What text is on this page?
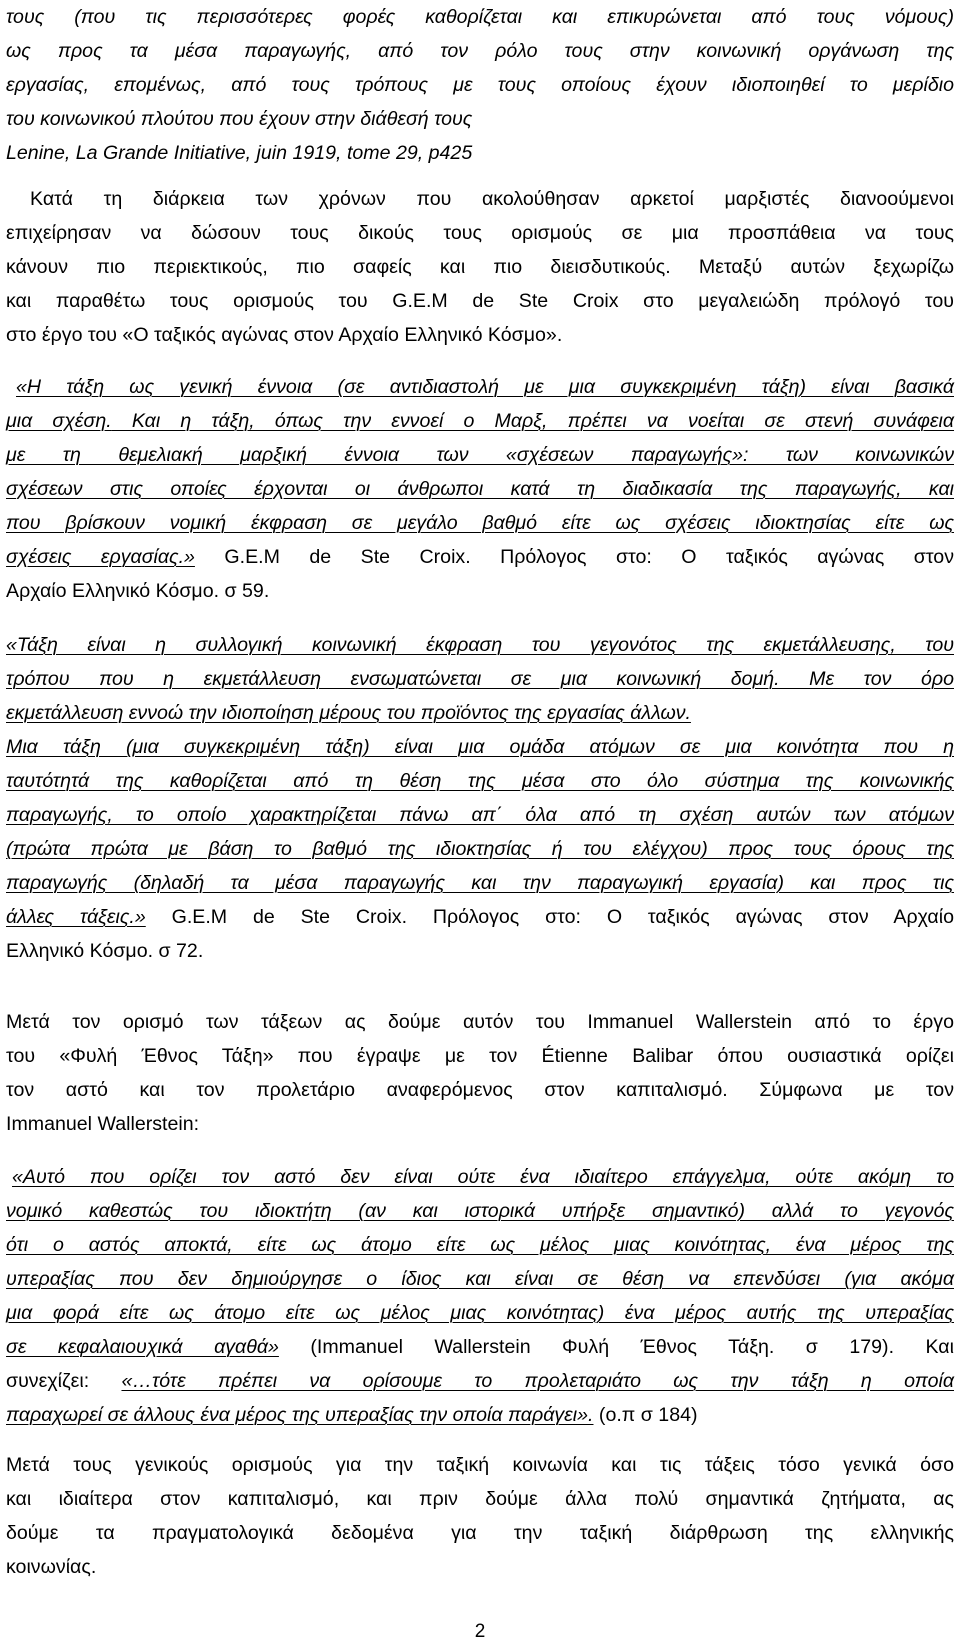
τους (που τις περισσότερες φορές καθορίζεται και επικυρώνεται από τους νόμους)
ως προς τα μέσα παραγωγής, από τον ρόλο τους στην κοινωνική οργάνωση της
εργασίας, επομένως, από τους τρόπους με τους οποίους έχουν ιδιοποιηθεί το μερίδιο
του κοινωνικού πλούτου που έχουν στην διάθεσή τους
Lenine, La Grande Initiative, juin 1919, tome 29, p425
Κατά τη διάρκεια των χρόνων που ακολούθησαν αρκετοί μαρξιστές διανοούμενοι
επιχείρησαν να δώσουν τους δικούς τους ορισμούς σε μια προσπάθεια να τους
κάνουν πιο περιεκτικούς, πιο σαφείς και πιο διεισδυτικούς. Μεταξύ αυτών ξεχωρίζω
και παραθέτω τους ορισμούς του G.E.M de Ste Croix στο μεγαλειώδη πρόλογό του
στο έργο του «Ο ταξικός αγώνας στον Αρχαίο Ελληνικό Κόσμο».
«Η τάξη ως γενική έννοια (σε αντιδιαστολή με μια συγκεκριμένη τάξη) είναι βασικά
μια σχέση. Και η τάξη, όπως την εννοεί ο Μαρξ, πρέπει να νοείται σε στενή συνάφεια
με τη θεμελιακή μαρξική έννοια των «σχέσεων παραγωγής»: των κοινωνικών
σχέσεων στις οποίες έρχονται οι άνθρωποι κατά τη διαδικασία της παραγωγής, και
που βρίσκουν νομική έκφραση σε μεγάλο βαθμό είτε ως σχέσεις ιδιοκτησίας είτε ως
σχέσεις εργασίας.» G.E.M de Ste Croix. Πρόλογος στο: Ο ταξικός αγώνας στον
Αρχαίο Ελληνικό Κόσμο. σ 59.
«Τάξη είναι η συλλογική κοινωνική έκφραση του γεγονότος της εκμετάλλευσης, του
τρόπου που η εκμετάλλευση ενσωματώνεται σε μια κοινωνική δομή. Με τον όρο
εκμετάλλευση εννοώ την ιδιοποίηση μέρους του προϊόντος της εργασίας άλλων.
Μια τάξη (μια συγκεκριμένη τάξη) είναι μια ομάδα ατόμων σε μια κοινότητα που η
ταυτότητά της καθορίζεται από τη θέση της μέσα στο όλο σύστημα της κοινωνικής
παραγωγής, το οποίο χαρακτηρίζεται πάνω απ΄ όλα από τη σχέση αυτών των ατόμων
(πρώτα πρώτα με βάση το βαθμό της ιδιοκτησίας ή του ελέγχου) προς τους όρους της
παραγωγής (δηλαδή τα μέσα παραγωγής και την παραγωγική εργασία) και προς τις
άλλες τάξεις.» G.E.M de Ste Croix. Πρόλογος στο: Ο ταξικός αγώνας στον Αρχαίο
Ελληνικό Κόσμο. σ 72.
Μετά τον ορισμό των τάξεων ας δούμε αυτόν του Immanuel Wallerstein από το έργο
του «Φυλή Έθνος Τάξη» που έγραψε με τον Étienne Balibar όπου ουσιαστικά ορίζει
τον αστό και τον προλετάριο αναφερόμενος στον καπιταλισμό. Σύμφωνα με τον
Immanuel Wallerstein:
«Αυτό που ορίζει τον αστό δεν είναι ούτε ένα ιδιαίτερο επάγγελμα, ούτε ακόμη το
νομικό καθεστώς του ιδιοκτήτη (αν και ιστορικά υπήρξε σημαντικό) αλλά το γεγονός
ότι ο αστός αποκτά, είτε ως άτομο είτε ως μέλος μιας κοινότητας, ένα μέρος της
υπεραξίας που δεν δημιούργησε ο ίδιος και είναι σε θέση να επενδύσει (για ακόμα
μια φορά είτε ως άτομο είτε ως μέλος μιας κοινότητας) ένα μέρος αυτής της υπεραξίας
σε κεφαλαιουχικά αγαθά» (Immanuel Wallerstein Φυλή Έθνος Τάξη. σ 179). Και
συνεχίζει: «…τότε πρέπει να ορίσουμε το προλεταριάτο ως την τάξη η οποία
παραχωρεί σε άλλους ένα μέρος της υπεραξίας την οποία παράγει». (ο.π σ 184)
Μετά τους γενικούς ορισμούς για την ταξική κοινωνία και τις τάξεις τόσο γενικά όσο
και ιδιαίτερα στον καπιταλισμό, και πριν δούμε άλλα πολύ σημαντικά ζητήματα, ας
δούμε τα πραγματολογικά δεδομένα για την ταξική διάρθρωση της ελληνικής
κοινωνίας.
2
